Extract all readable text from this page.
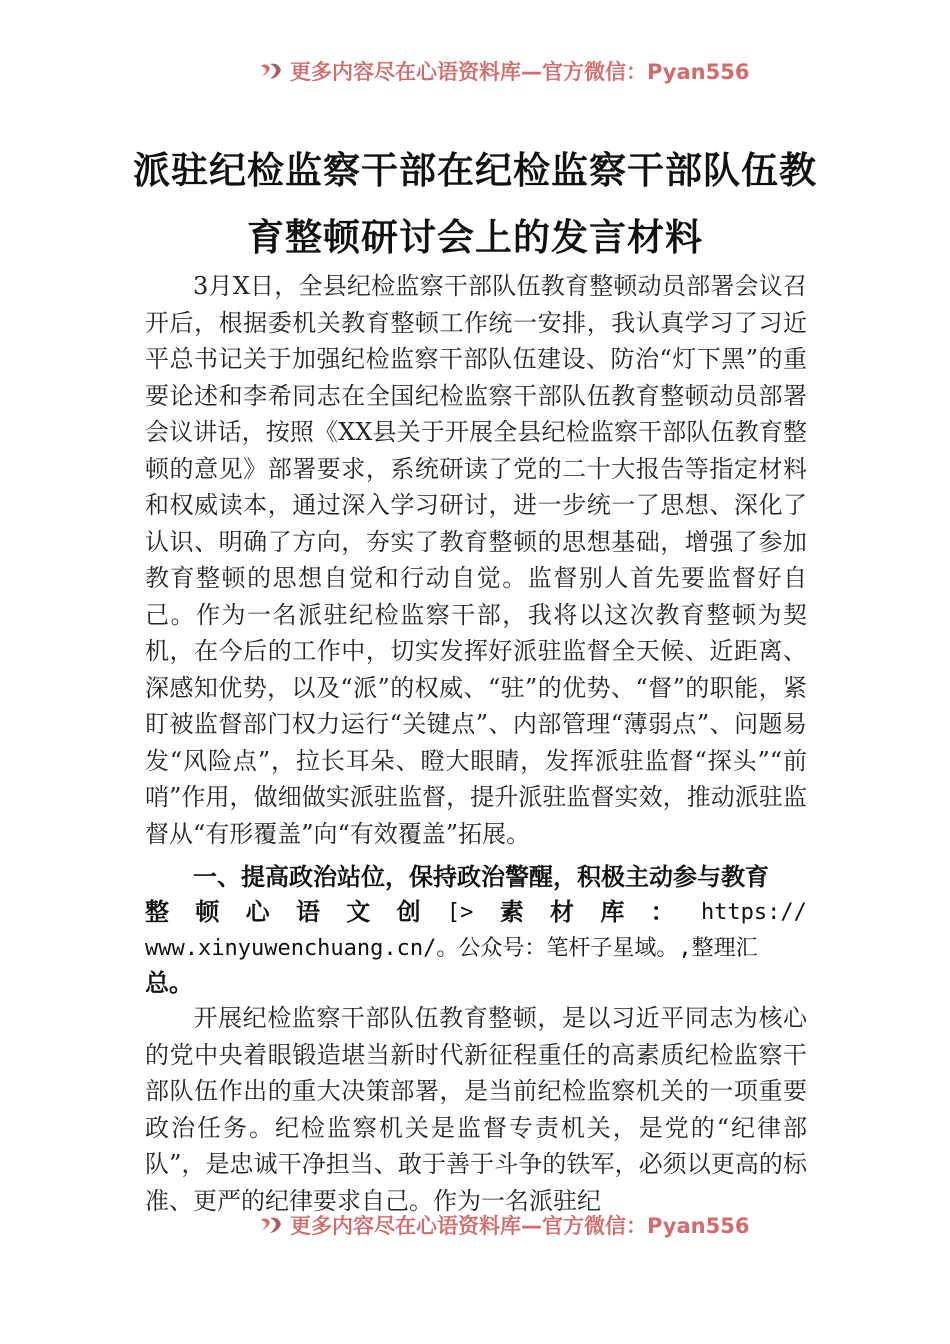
更多内容尽在心语资料库—官方微信：Pyan556
派驻纪检监察干部在纪检监察干部队伍教
育整顿研讨会上的发言材料
3月X日，全县纪检监察干部队伍教育整顿动员部署会议召开后，根据委机关教育整顿工作统一安排，我认真学习了习近平总书记关于加强纪检监察干部队伍建设、防治“灯下黑”的重要论述和李希同志在全国纪检监察干部队伍教育整顿动员部署会议讲话，按照《XX县关于开展全县纪检监察干部队伍教育整顿的意见》部署要求，系统研读了党的二十大报告等指定材料和权威读本，通过深入学习研讨，进一步统一了思想、深化了认识、明确了方向，夯实了教育整顿的思想基础，增强了参加教育整顿的思想自觉和行动自觉。监督别人首先要监督好自己。作为一名派驻纪检监察干部，我将以这次教育整顿为契机，在今后的工作中，切实发挥好派驻监督全天候、近距离、深感知优势，以及“派”的权威、“驻”的优势、“督”的职能，紧盯被监督部门权力运行“关键点”、内部管理“薄弱点”、问题易发“风险点”，拉长耳朵、瞪大眼睛，发挥派驻监督“探头”“前哨”作用，做细做实派驻监督，提升派驻监督实效，推动派驻监督从“有形覆盖”向“有效覆盖”拓展。
一、提高政治站位，保持政治警醒，积极主动参与教育
整 顿 心 语 文 创 [> 素 材 库 ： https://
www.xinyuwenchuang.cn/。公众号：笔杆子星域。,整理汇
总。
开展纪检监察干部队伍教育整顿，是以习近平同志为核心的党中央着眼锻造堪当新时代新征程重任的高素质纪检监察干部队伍作出的重大决策部署，是当前纪检监察机关的一项重要政治任务。纪检监察机关是监督专责机关，是党的“纪律部队”，是忠诚干净担当、敢于善于斗争的铁军，必须以更高的标准、更严的纪律要求自己。作为一名派驻纪
更多内容尽在心语资料库—官方微信：Pyan556
